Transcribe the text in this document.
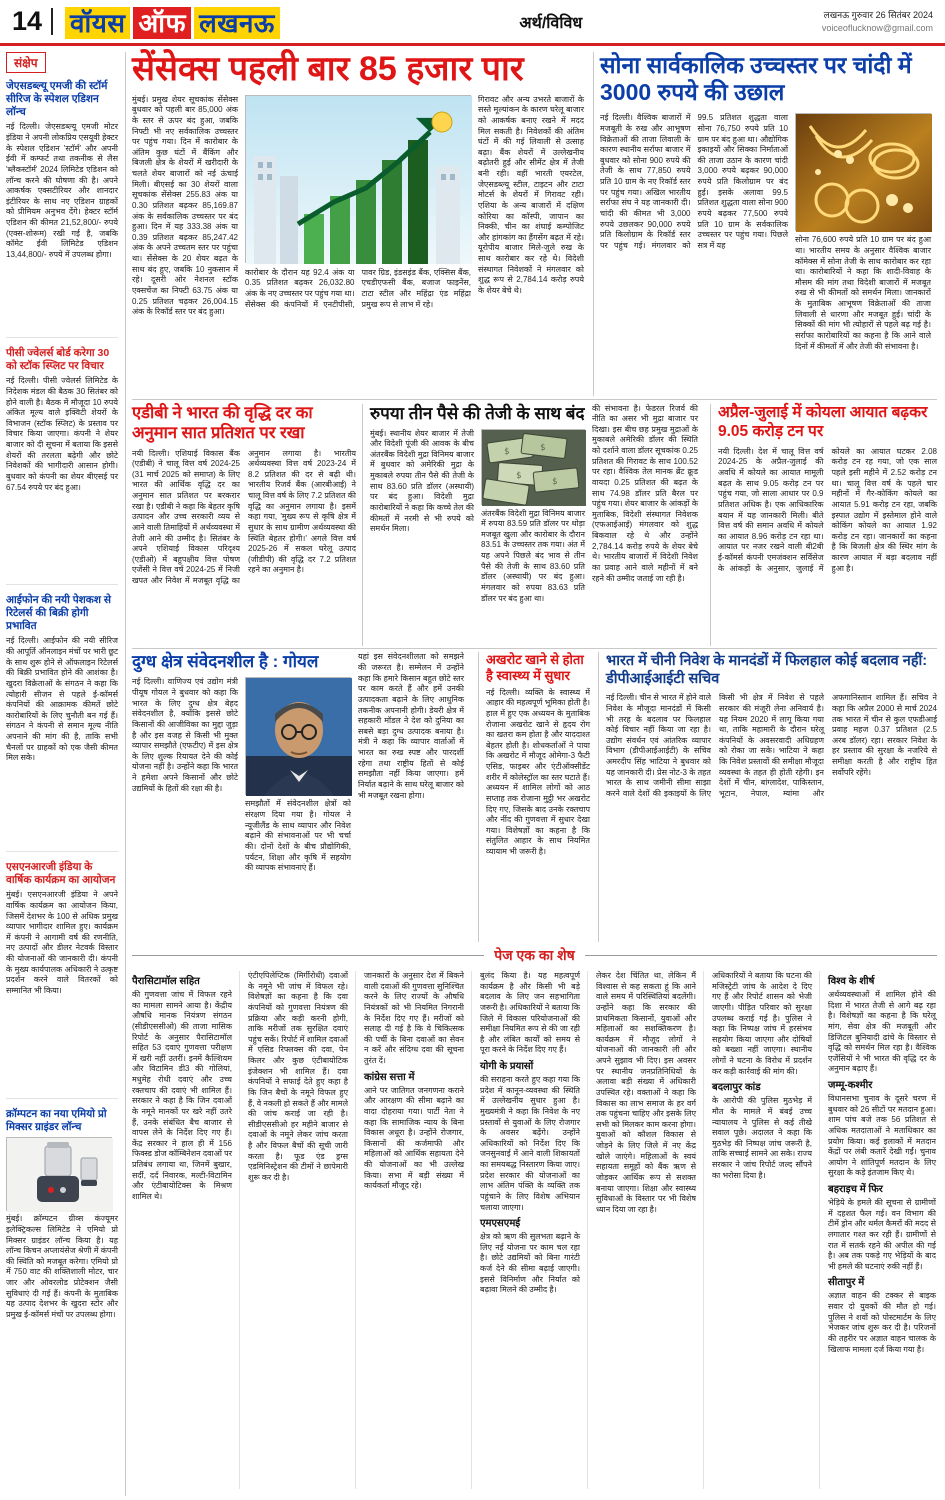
14	वॉयस ऑफ लखनऊ	अर्थ/विविध	लखनऊ गुरुवार 26 सितंबर 2024
voiceoflucknow@gmail.com
संक्षेप
जेएसडब्ल्यू एमजी की स्टॉर्म सीरिज के स्पेशल एडिशन लॉन्च
नई दिल्ली। जेएसडब्ल्यू एमजी मोटर इंडिया ने अपनी लोकप्रिय एसयूवी हेक्टर के स्पेशल एडिशन 'स्टॉर्म' और अपनी ईवी में कम्फर्ट तथा तकनीक से लैस 'ब्लैकस्टॉर्म' 2024 लिमिटेड एडिशन को लॉन्च करने की घोषणा की है। अपने आकर्षक एक्सटीरियर और शानदार इंटीरियर के साथ नए एडिशन ग्राहकों को प्रीमियम अनुभव देंगे। हेक्टर स्टॉर्म एडिशन की कीमत 21,52,800/- रुपये (एक्स-शोरूम) रखी गई है, जबकि कॉमेट ईवी लिमिटेड एडिशन 13,44,800/- रुपये में उपलब्ध होगा।
पीसी ज्वेलर्स बोर्ड करेगा 30 को स्टॉक स्प्लिट पर विचार
नई दिल्ली। पीसी ज्वेलर्स लिमिटेड के निदेशक मंडल की बैठक 30 सितंबर को होने वाली है। बैठक में मौजूदा 10 रुपये अंकित मूल्य वाले इक्विटी शेयरों के विभाजन (स्टॉक स्प्लिट) के प्रस्ताव पर विचार किया जाएगा। कंपनी ने शेयर बाजार को दी सूचना में बताया कि इससे शेयरों की तरलता बढ़ेगी और छोटे निवेशकों की भागीदारी आसान होगी। बुधवार को कंपनी का शेयर बीएसई पर 67.54 रुपये पर बंद हुआ।
आईफोन की नयी पेशकश से रिटेलर्स की बिक्री होगी प्रभावित
नई दिल्ली। आईफोन की नयी सीरिज की आपूर्ति ऑनलाइन मंचों पर भारी छूट के साथ शुरू होने से ऑफलाइन रिटेलर्स की बिक्री प्रभावित होने की आशंका है। खुदरा विक्रेताओं के संगठन ने कहा कि त्योहारी सीजन से पहले ई-कॉमर्स कंपनियों की आक्रामक कीमतें छोटे कारोबारियों के लिए चुनौती बन गई हैं। संगठन ने कंपनी से समान मूल्य नीति अपनाने की मांग की है, ताकि सभी चैनलों पर ग्राहकों को एक जैसी कीमत मिल सके।
एसएनआरजी इंडिया के वार्षिक कार्यक्रम का आयोजन
मुंबई। एसएनआरजी इंडिया ने अपने वार्षिक कार्यक्रम का आयोजन किया, जिसमें देशभर के 100 से अधिक प्रमुख व्यापार भागीदार शामिल हुए। कार्यक्रम में कंपनी ने आगामी वर्ष की रणनीति, नए उत्पादों और डीलर नेटवर्क विस्तार की योजनाओं की जानकारी दी। कंपनी के मुख्य कार्यपालक अधिकारी ने उत्कृष्ट प्रदर्शन करने वाले वितरकों को सम्मानित भी किया।
क्रॉम्पटन का नया एमियो प्रो मिक्सर ग्राइंडर लॉन्च
मुंबई। क्रॉम्पटन ग्रीव्स कंज्यूमर इलेक्ट्रिकल्स लिमिटेड ने एमियो प्रो मिक्सर ग्राइंडर लॉन्च किया है। यह लॉन्च किचन अप्लायंसेज श्रेणी में कंपनी की स्थिति को मजबूत करेगा। एमियो प्रो में 750 वाट की शक्तिशाली मोटर, चार जार और ओवरलोड प्रोटेक्शन जैसी सुविधाएं दी गई हैं। कंपनी के मुताबिक यह उत्पाद देशभर के खुदरा स्टोर और प्रमुख ई-कॉमर्स मंचों पर उपलब्ध होगा।
सेंसेक्स पहली बार 85 हजार पार
मुंबई। प्रमुख शेयर सूचकांक सेंसेक्स बुधवार को पहली बार 85,000 अंक के स्तर से ऊपर बंद हुआ, जबकि निफ्टी भी नए सर्वकालिक उच्चस्तर पर पहुंच गया। दिन में कारोबार के अंतिम कुछ घंटों में बैंकिंग और बिजली क्षेत्र के शेयरों में खरीदारी के चलते शेयर बाजारों को नई ऊंचाई मिली। बीएसई का 30 शेयरों वाला सूचकांक सेंसेक्स 255.83 अंक या 0.30 प्रतिशत बढ़कर 85,169.87 अंक के सर्वकालिक उच्चस्तर पर बंद हुआ। दिन में यह 333.38 अंक या 0.39 प्रतिशत बढ़कर 85,247.42 अंक के अपने उच्चतम स्तर पर पहुंचा था। सेंसेक्स के 20 शेयर बढ़त के साथ बंद हुए, जबकि 10 नुकसान में रहे। दूसरी ओर नेशनल स्टॉक एक्सचेंज का निफ्टी 63.75 अंक या 0.25 प्रतिशत चढ़कर 26,004.15 अंक के रिकॉर्ड स्तर पर बंद हुआ।
कारोबार के दौरान यह 92.4 अंक या 0.35 प्रतिशत बढ़कर 26,032.80 अंक के नए उच्चस्तर पर पहुंच गया था। सेंसेक्स की कंपनियों में एनटीपीसी, पावर ग्रिड, इंडसइंड बैंक, एक्सिस बैंक, एचडीएफसी बैंक, बजाज फाइनेंस, टाटा स्टील और महिंद्रा एंड महिंद्रा प्रमुख रूप से लाभ में रहे।
गिरावट और अन्य उभरते बाजारों के सस्ते मूल्यांकन के कारण घरेलू बाजार को आकर्षक बनाए रखने में मदद मिल सकती है। निवेशकों की अंतिम घंटों में की गई लिवाली से उत्साह बढ़ा। बैंक शेयरों में उल्लेखनीय बढ़ोतरी हुई और सीमेंट क्षेत्र में तेजी बनी रही। वहीं भारती एयरटेल, जेएसडब्ल्यू स्टील, टाइटन और टाटा मोटर्स के शेयरों में गिरावट रही। एशिया के अन्य बाजारों में दक्षिण कोरिया का कॉस्पी, जापान का निक्की, चीन का शंघाई कम्पोजिट और हांगकांग का हैंगसेंग बढ़त में रहे। यूरोपीय बाजार मिले-जुले रुख के साथ कारोबार कर रहे थे। विदेशी संस्थागत निवेशकों ने मंगलवार को शुद्ध रूप से 2,784.14 करोड़ रुपये के शेयर बेचे थे।
सोना सार्वकालिक उच्चस्तर पर चांदी में 3000 रुपये की उछाल
नई दिल्ली। वैश्विक बाजारों में मजबूती के रुख और आभूषण विक्रेताओं की ताजा लिवाली के कारण स्थानीय सर्राफा बाजार में बुधवार को सोना 900 रुपये की तेजी के साथ 77,850 रुपये प्रति 10 ग्राम के नए रिकॉर्ड स्तर पर पहुंच गया। अखिल भारतीय सर्राफा संघ ने यह जानकारी दी। चांदी की कीमत भी 3,000 रुपये उछलकर 90,000 रुपये प्रति किलोग्राम के रिकॉर्ड स्तर पर पहुंच गई। मंगलवार को 99.5 प्रतिशत शुद्धता वाला सोना 76,750 रुपये प्रति 10 ग्राम पर बंद हुआ था। औद्योगिक इकाइयों और सिक्का निर्माताओं की ताजा उठान के कारण चांदी 3,000 रुपये बढ़कर 90,000 रुपये प्रति किलोग्राम पर बंद हुई। इसके अलावा 99.5 प्रतिशत शुद्धता वाला सोना 900 रुपये बढ़कर 77,500 रुपये प्रति 10 ग्राम के सर्वकालिक उच्चस्तर पर पहुंच गया। पिछले सत्र में यह
सोना 76,600 रुपये प्रति 10 ग्राम पर बंद हुआ था। भारतीय समय के अनुसार वैश्विक बाजार कॉमेक्स में सोना तेजी के साथ कारोबार कर रहा था। कारोबारियों ने कहा कि शादी-विवाह के मौसम की मांग तथा विदेशी बाजारों में मजबूत रुख से भी कीमतों को समर्थन मिला। जानकारों के मुताबिक आभूषण विक्रेताओं की ताजा लिवाली से धारणा और मजबूत हुई। चांदी के सिक्कों की मांग भी त्योहारों से पहले बढ़ गई है। सर्राफा कारोबारियों का कहना है कि आने वाले दिनों में कीमतों में और तेजी की संभावना है।
एडीबी ने भारत की वृद्धि दर का अनुमान सात प्रतिशत पर रखा
नयी दिल्ली। एशियाई विकास बैंक (एडीबी) ने चालू वित्त वर्ष 2024-25 (31 मार्च 2025 को समाप्त) के लिए भारत की आर्थिक वृद्धि दर का अनुमान सात प्रतिशत पर बरकरार रखा है। एडीबी ने कहा कि बेहतर कृषि उत्पादन और उच्च सरकारी व्यय से आने वाली तिमाहियों में अर्थव्यवस्था में तेजी आने की उम्मीद है। सितंबर के अपने एशियाई विकास परिदृश्य (एडीओ) में बहुपक्षीय वित्त पोषण एजेंसी ने वित्त वर्ष 2024-25 में निजी खपत और निवेश में मजबूत वृद्धि का अनुमान लगाया है। भारतीय अर्थव्यवस्था वित्त वर्ष 2023-24 में 8.2 प्रतिशत की दर से बढ़ी थी। भारतीय रिजर्व बैंक (आरबीआई) ने चालू वित्त वर्ष के लिए 7.2 प्रतिशत की वृद्धि का अनुमान लगाया है। इसमें कहा गया, 'मुख्य रूप से कृषि क्षेत्र में सुधार के साथ ग्रामीण अर्थव्यवस्था की स्थिति बेहतर होगी।' अगले वित्त वर्ष 2025-26 में सकल घरेलू उत्पाद (जीडीपी) की वृद्धि दर 7.2 प्रतिशत रहने का अनुमान है।
रुपया तीन पैसे की तेजी के साथ बंद
मुंबई। स्थानीय शेयर बाजार में तेजी और विदेशी पूंजी की आवक के बीच अंतरबैंक विदेशी मुद्रा विनिमय बाजार में बुधवार को अमेरिकी मुद्रा के मुकाबले रुपया तीन पैसे की तेजी के साथ 83.60 प्रति डॉलर (अस्थायी) पर बंद हुआ। विदेशी मुद्रा कारोबारियों ने कहा कि कच्चे तेल की कीमतों में नरमी से भी रुपये को समर्थन मिला।
$	$
$
$
अंतरबैंक विदेशी मुद्रा विनिमय बाजार में रुपया 83.59 प्रति डॉलर पर थोड़ा मजबूत खुला और कारोबार के दौरान 83.51 के उच्चस्तर तक गया। अंत में यह अपने पिछले बंद भाव से तीन पैसे की तेजी के साथ 83.60 प्रति डॉलर (अस्थायी) पर बंद हुआ। मंगलवार को रुपया 83.63 प्रति डॉलर पर बंद हुआ था।
की संभावना है। फेडरल रिजर्व की नीति का असर भी मुद्रा बाजार पर दिखा। इस बीच छह प्रमुख मुद्राओं के मुकाबले अमेरिकी डॉलर की स्थिति को दर्शाने वाला डॉलर सूचकांक 0.25 प्रतिशत की गिरावट के साथ 100.52 पर रहा। वैश्विक तेल मानक ब्रेंट क्रूड वायदा 0.25 प्रतिशत की बढ़त के साथ 74.98 डॉलर प्रति बैरल पर पहुंच गया। शेयर बाजार के आंकड़ों के मुताबिक, विदेशी संस्थागत निवेशक (एफआईआई) मंगलवार को शुद्ध बिकवाल रहे थे और उन्होंने 2,784.14 करोड़ रुपये के शेयर बेचे थे। भारतीय बाजारों में विदेशी निवेश का प्रवाह आने वाले महीनों में बने रहने की उम्मीद जताई जा रही है।
अप्रैल-जुलाई में कोयला आयात बढ़कर 9.05 करोड़ टन पर
नयी दिल्ली। देश में चालू वित्त वर्ष 2024-25 के अप्रैल-जुलाई की अवधि में कोयले का आयात मामूली बढ़त के साथ 9.05 करोड़ टन पर पहुंच गया, जो साला आधार पर 0.9 प्रतिशत अधिक है। एक आधिकारिक बयान में यह जानकारी मिली। बीते वित्त वर्ष की समान अवधि में कोयले का आयात 8.96 करोड़ टन रहा था। आयात पर नजर रखने वाली बी2बी ई-कॉमर्स कंपनी एमजंक्शन सर्विसेज के आंकड़ों के अनुसार, जुलाई में कोयले का आयात घटकर 2.08 करोड़ टन रह गया, जो एक साल पहले इसी महीने में 2.52 करोड़ टन था। चालू वित्त वर्ष के पहले चार महीनों में गैर-कोकिंग कोयले का आयात 5.91 करोड़ टन रहा, जबकि इस्पात उद्योग में इस्तेमाल होने वाले कोकिंग कोयले का आयात 1.92 करोड़ टन रहा। जानकारों का कहना है कि बिजली क्षेत्र की स्थिर मांग के कारण आयात में बड़ा बदलाव नहीं हुआ है।
दुग्ध क्षेत्र संवेदनशील है : गोयल
नई दिल्ली। वाणिज्य एवं उद्योग मंत्री पीयूष गोयल ने बुधवार को कहा कि भारत के लिए दुग्ध क्षेत्र बेहद संवेदनशील है, क्योंकि इससे छोटे किसानों की आजीविका का मुद्दा जुड़ा है और इस वजह से किसी भी मुक्त व्यापार समझौते (एफटीए) में इस क्षेत्र के लिए शुल्क रियायत देने की कोई योजना नहीं है। उन्होंने कहा कि भारत ने हमेशा अपने किसानों और छोटे उद्यमियों के हितों की रक्षा की है।
समझौतों में संवेदनशील क्षेत्रों को संरक्षण दिया गया है। गोयल ने न्यूजीलैंड के साथ व्यापार और निवेश बढ़ाने की संभावनाओं पर भी चर्चा की। दोनों देशों के बीच प्रौद्योगिकी, पर्यटन, शिक्षा और कृषि में सहयोग की व्यापक संभावनाएं हैं।
यहां इस संवेदनशीलता को समझने की जरूरत है। सम्मेलन में उन्होंने कहा कि हमारे किसान बहुत छोटे स्तर पर काम करते हैं और हमें उनकी उत्पादकता बढ़ाने के लिए आधुनिक तकनीक अपनानी होगी। डेयरी क्षेत्र में सहकारी मॉडल ने देश को दुनिया का सबसे बड़ा दुग्ध उत्पादक बनाया है। मंत्री ने कहा कि व्यापार वार्ताओं में भारत का रुख स्पष्ट और पारदर्शी रहेगा तथा राष्ट्रीय हितों से कोई समझौता नहीं किया जाएगा। हमें निर्यात बढ़ाने के साथ घरेलू बाजार को भी मजबूत रखना होगा।
अखरोट खाने से होता है स्वास्थ्य में सुधार
नई दिल्ली। व्यक्ति के स्वास्थ्य में आहार की महत्वपूर्ण भूमिका होती है। हाल में हुए एक अध्ययन के मुताबिक रोजाना अखरोट खाने से हृदय रोग का खतरा कम होता है और याददाश्त बेहतर होती है। शोधकर्ताओं ने पाया कि अखरोट में मौजूद ओमेगा-3 फैटी एसिड, फाइबर और एंटीऑक्सीडेंट शरीर में कोलेस्ट्रॉल का स्तर घटाते हैं। अध्ययन में शामिल लोगों को आठ सप्ताह तक रोजाना मुट्ठी भर अखरोट दिए गए, जिसके बाद उनके रक्तचाप और नींद की गुणवत्ता में सुधार देखा गया। विशेषज्ञों का कहना है कि संतुलित आहार के साथ नियमित व्यायाम भी जरूरी है।
भारत में चीनी निवेश के मानदंडों में फिलहाल कोई बदलाव नहीं: डीपीआईआईटी सचिव
नई दिल्ली। चीन से भारत में होने वाले निवेश के मौजूदा मानदंडों में किसी भी तरह के बदलाव पर फिलहाल कोई विचार नहीं किया जा रहा है। उद्योग संवर्धन एवं आंतरिक व्यापार विभाग (डीपीआईआईटी) के सचिव अमरदीप सिंह भाटिया ने बुधवार को यह जानकारी दी। प्रेस नोट-3 के तहत भारत के साथ जमीनी सीमा साझा करने वाले देशों की इकाइयों के लिए किसी भी क्षेत्र में निवेश से पहले सरकार की मंजूरी लेना अनिवार्य है। यह नियम 2020 में लागू किया गया था, ताकि महामारी के दौरान घरेलू कंपनियों के अवसरवादी अधिग्रहण को रोका जा सके। भाटिया ने कहा कि निवेश प्रस्तावों की समीक्षा मौजूदा व्यवस्था के तहत ही होती रहेगी। इन देशों में चीन, बांग्लादेश, पाकिस्तान, भूटान, नेपाल, म्यांमा और अफगानिस्तान शामिल हैं। सचिव ने कहा कि अप्रैल 2000 से मार्च 2024 तक भारत में चीन से कुल एफडीआई प्रवाह महज 0.37 प्रतिशत (2.5 अरब डॉलर) रहा। सरकार निवेश के हर प्रस्ताव की सुरक्षा के नजरिये से समीक्षा करती है और राष्ट्रीय हित सर्वोपरि रहेंगे।
पेज एक का शेष
पैरासिटामॉल सहित
की गुणवत्ता जांच में विफल रहने का मामला सामने आया है। केंद्रीय औषधि मानक नियंत्रण संगठन (सीडीएससीओ) की ताजा मासिक रिपोर्ट के अनुसार पैरासिटामॉल सहित 53 दवाएं गुणवत्ता परीक्षण में खरी नहीं उतरीं। इनमें कैल्शियम और विटामिन डी3 की गोलियां, मधुमेह रोधी दवाएं और उच्च रक्तचाप की दवाएं भी शामिल हैं। सरकार ने कहा है कि जिन दवाओं के नमूने मानकों पर खरे नहीं उतरे हैं, उनके संबंधित बैच बाजार से वापस लेने के निर्देश दिए गए हैं। केंद्र सरकार ने हाल ही में 156 फिक्स्ड डोज कॉम्बिनेशन दवाओं पर प्रतिबंध लगाया था, जिनमें बुखार, सर्दी, दर्द निवारक, मल्टी-विटामिन और एंटीबायोटिक्स के मिश्रण शामिल थे।
एंटीएपिलेप्टिक (मिर्गीरोधी) दवाओं के नमूने भी जांच में विफल रहे। विशेषज्ञों का कहना है कि दवा कंपनियों को गुणवत्ता नियंत्रण की प्रक्रिया और कड़ी करनी होगी, ताकि मरीजों तक सुरक्षित दवाएं पहुंच सकें। रिपोर्ट में शामिल दवाओं में एसिड रिफ्लक्स की दवा, पेन किलर और कुछ एंटीबायोटिक इंजेक्शन भी शामिल हैं। दवा कंपनियों ने सफाई देते हुए कहा है कि जिन बैचों के नमूने विफल हुए हैं, वे नकली हो सकते हैं और मामले की जांच कराई जा रही है। सीडीएससीओ हर महीने बाजार से दवाओं के नमूने लेकर जांच करता है और विफल बैचों की सूची जारी करता है। फूड एंड ड्रग्स एडमिनिस्ट्रेशन की टीमों ने छापेमारी शुरू कर दी है।
जानकारों के अनुसार देश में बिकने वाली दवाओं की गुणवत्ता सुनिश्चित करने के लिए राज्यों के औषधि नियंत्रकों को भी नियमित निगरानी के निर्देश दिए गए हैं। मरीजों को सलाह दी गई है कि वे चिकित्सक की पर्ची के बिना दवाओं का सेवन न करें और संदिग्ध दवा की सूचना तुरंत दें।
कांग्रेस सत्ता में
आने पर जातिगत जनगणना कराने और आरक्षण की सीमा बढ़ाने का वादा दोहराया गया। पार्टी नेता ने कहा कि सामाजिक न्याय के बिना विकास अधूरा है। उन्होंने रोजगार, किसानों की कर्जमाफी और महिलाओं को आर्थिक सहायता देने की योजनाओं का भी उल्लेख किया। सभा में बड़ी संख्या में कार्यकर्ता मौजूद रहे।
बुलंद किया है। यह महत्वपूर्ण कार्यक्रम है और किसी भी बड़े बदलाव के लिए जन सहभागिता जरूरी है। अधिकारियों ने बताया कि जिले में विकास परियोजनाओं की समीक्षा नियमित रूप से की जा रही है और लंबित कार्यों को समय से पूरा करने के निर्देश दिए गए हैं।
योगी के प्रयासों
की सराहना करते हुए कहा गया कि प्रदेश में कानून-व्यवस्था की स्थिति में उल्लेखनीय सुधार हुआ है। मुख्यमंत्री ने कहा कि निवेश के नए प्रस्तावों से युवाओं के लिए रोजगार के अवसर बढ़ेंगे। उन्होंने अधिकारियों को निर्देश दिए कि जनसुनवाई में आने वाली शिकायतों का समयबद्ध निस्तारण किया जाए। प्रदेश सरकार की योजनाओं का लाभ अंतिम पंक्ति के व्यक्ति तक पहुंचाने के लिए विशेष अभियान चलाया जाएगा।
एमएसएमई
क्षेत्र को ऋण की सुलभता बढ़ाने के लिए नई योजना पर काम चल रहा है। छोटे उद्यमियों को बिना गारंटी कर्ज देने की सीमा बढ़ाई जाएगी। इससे विनिर्माण और निर्यात को बढ़ावा मिलने की उम्मीद है।
लेकर देश चिंतित था, लेकिन मैं विश्वास से कह सकता हूं कि आने वाले समय में परिस्थितियां बदलेंगी। उन्होंने कहा कि सरकार की प्राथमिकता किसानों, युवाओं और महिलाओं का सशक्तिकरण है। कार्यक्रम में मौजूद लोगों ने योजनाओं की जानकारी ली और अपने सुझाव भी दिए। इस अवसर पर स्थानीय जनप्रतिनिधियों के अलावा बड़ी संख्या में अधिकारी उपस्थित रहे। वक्ताओं ने कहा कि विकास का लाभ समाज के हर वर्ग तक पहुंचना चाहिए और इसके लिए सभी को मिलकर काम करना होगा। युवाओं को कौशल विकास से जोड़ने के लिए जिले में नए केंद्र खोले जाएंगे। महिलाओं के स्वयं सहायता समूहों को बैंक ऋण से जोड़कर आर्थिक रूप से सशक्त बनाया जाएगा। शिक्षा और स्वास्थ्य सुविधाओं के विस्तार पर भी विशेष ध्यान दिया जा रहा है।
अधिकारियों ने बताया कि घटना की मजिस्ट्रेटी जांच के आदेश दे दिए गए हैं और रिपोर्ट शासन को भेजी जाएगी। पीड़ित परिवार को सुरक्षा उपलब्ध कराई गई है। पुलिस ने कहा कि निष्पक्ष जांच में हरसंभव सहयोग किया जाएगा और दोषियों को बख्शा नहीं जाएगा। स्थानीय लोगों ने घटना के विरोध में प्रदर्शन कर कड़ी कार्रवाई की मांग की।
बदलापुर कांड
के आरोपी की पुलिस मुठभेड़ में मौत के मामले में बंबई उच्च न्यायालय ने पुलिस से कई तीखे सवाल पूछे। अदालत ने कहा कि मुठभेड़ की निष्पक्ष जांच जरूरी है, ताकि सच्चाई सामने आ सके। राज्य सरकार ने जांच रिपोर्ट जल्द सौंपने का भरोसा दिया है।
विश्व के शीर्ष
अर्थव्यवस्थाओं में शामिल होने की दिशा में भारत तेजी से आगे बढ़ रहा है। विशेषज्ञों का कहना है कि घरेलू मांग, सेवा क्षेत्र की मजबूती और डिजिटल बुनियादी ढांचे के विस्तार से वृद्धि को समर्थन मिल रहा है। वैश्विक एजेंसियों ने भी भारत की वृद्धि दर के अनुमान बढ़ाए हैं।
जम्मू-कश्मीर
विधानसभा चुनाव के दूसरे चरण में बुधवार को 26 सीटों पर मतदान हुआ। शाम पांच बजे तक 56 प्रतिशत से अधिक मतदाताओं ने मताधिकार का प्रयोग किया। कई इलाकों में मतदान केंद्रों पर लंबी कतारें देखी गईं। चुनाव आयोग ने शांतिपूर्ण मतदान के लिए सुरक्षा के कड़े इंतजाम किए थे।
बहराइच में फिर
भेड़िये के हमले की सूचना से ग्रामीणों में दहशत फैल गई। वन विभाग की टीमें ड्रोन और थर्मल कैमरों की मदद से लगातार गश्त कर रही हैं। ग्रामीणों से रात में सतर्क रहने की अपील की गई है। अब तक पकड़े गए भेड़ियों के बाद भी हमले की घटनाएं रुकी नहीं हैं।
सीतापुर में
अज्ञात वाहन की टक्कर से बाइक सवार दो युवकों की मौत हो गई। पुलिस ने शवों को पोस्टमार्टम के लिए भेजकर जांच शुरू कर दी है। परिजनों की तहरीर पर अज्ञात वाहन चालक के खिलाफ मामला दर्ज किया गया है।
